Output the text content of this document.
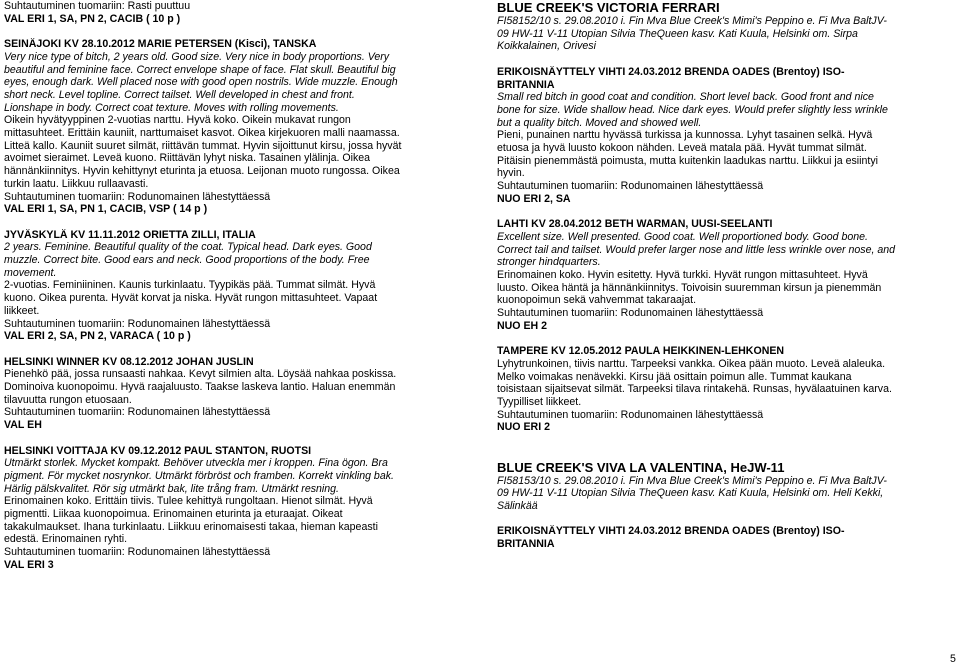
Suhtautuminen tuomariin: Rasti puuttuu
VAL ERI 1, SA, PN 2, CACIB ( 10 p )
SEINÄJOKI KV 28.10.2012 MARIE PETERSEN (Kisci), TANSKA
Very nice type of bitch, 2 years old. Good size. Very nice in body proportions. Very
beautiful and feminine face. Correct envelope shape of face. Flat skull. Beautiful big
eyes, enough dark. Well placed nose with good open nostrils. Wide muzzle. Enough
short neck. Level topline. Correct tailset. Well developed in chest and front.
Lionshape in body. Correct coat texture. Moves with rolling movements.
Oikein hyvätyyppinen 2-vuotias narttu. Hyvä koko. Oikein mukavat rungon
mittasuhteet. Erittäin kauniit, narttumaiset kasvot. Oikea kirjekuoren malli naamassa.
Litteä kallo. Kauniit suuret silmät, riittävän tummat. Hyvin sijoittunut kirsu, jossa hyvät
avoimet sieraimet. Leveä kuono. Riittävän lyhyt niska. Tasainen ylälinja. Oikea
hännänkiinnitys. Hyvin kehittynyt eturinta ja etuosa. Leijonan muoto rungossa. Oikea
turkin laatu. Liikkuu rullaavasti.
Suhtautuminen tuomariin: Rodunomainen lähestyttäessä
VAL ERI 1, SA, PN 1, CACIB, VSP ( 14 p )
JYVÄSKYLÄ KV 11.11.2012 ORIETTA ZILLI, ITALIA
2 years. Feminine. Beautiful quality of the coat. Typical head. Dark eyes. Good
muzzle. Correct bite. Good ears and neck. Good proportions of the body. Free
movement.
2-vuotias. Feminiininen. Kaunis turkinlaatu. Tyypikäs pää. Tummat silmät. Hyvä
kuono. Oikea purenta. Hyvät korvat ja niska. Hyvät rungon mittasuhteet. Vapaat
liikkeet.
Suhtautuminen tuomariin: Rodunomainen lähestyttäessä
VAL ERI 2, SA, PN 2, VARACA ( 10 p )
HELSINKI WINNER KV 08.12.2012 JOHAN JUSLIN
Pienehkö pää, jossa runsaasti nahkaa. Kevyt silmien alta. Löysää nahkaa poskissa.
Dominoiva kuonopoimu. Hyvä raajaluusto. Taakse laskeva lantio. Haluan enemmän
tilavuutta rungon etuosaan.
Suhtautuminen tuomariin: Rodunomainen lähestyttäessä
VAL EH
HELSINKI VOITTAJA KV 09.12.2012 PAUL STANTON, RUOTSI
Utmärkt storlek. Mycket kompakt. Behöver utveckla mer i kroppen. Fina ögon. Bra
pigment. För mycket nosrynkor. Utmärkt förbröst och framben. Korrekt vinkling bak.
Härlig pälskvalitet. Rör sig utmärkt bak, lite trång fram. Utmärkt resning.
Erinomainen koko. Erittäin tiivis. Tulee kehittyä rungoltaan. Hienot silmät. Hyvä
pigmentti. Liikaa kuonopoimua. Erinomainen eturinta ja eturaajat. Oikeat
takakulmaukset. Ihana turkinlaatu. Liikkuu erinomaisesti takaa, hieman kapeasti
edestä. Erinomainen ryhti.
Suhtautuminen tuomariin: Rodunomainen lähestyttäessä
VAL ERI 3
BLUE CREEK'S VICTORIA FERRARI
FI58152/10 s. 29.08.2010 i. Fin Mva Blue Creek's Mimi's Peppino e. Fi Mva BaltJV-
09 HW-11 V-11 Utopian Silvia TheQueen kasv. Kati Kuula, Helsinki om. Sirpa
Koikkalainen, Orivesi
ERIKOISNÄYTTELY VIHTI 24.03.2012 BRENDA OADES (Brentoy) ISO-
BRITANNIA
Small red bitch in good coat and condition. Short level back. Good front and nice
bone for size. Wide shallow head. Nice dark eyes. Would prefer slightly less wrinkle
but a quality bitch. Moved and showed well.
Pieni, punainen narttu hyvässä turkissa ja kunnossa. Lyhyt tasainen selkä. Hyvä
etuosa ja hyvä luusto kokoon nähden. Leveä matala pää. Hyvät tummat silmät.
Pitäisin pienemmästä poimusta, mutta kuitenkin laadukas narttu. Liikkui ja esiintyi
hyvin.
Suhtautuminen tuomariin: Rodunomainen lähestyttäessä
NUO ERI 2, SA
LAHTI KV 28.04.2012 BETH WARMAN, UUSI-SEELANTI
Excellent size. Well presented. Good coat. Well proportioned body. Good bone.
Correct tail and tailset. Would prefer larger nose and little less wrinkle over nose, and
stronger hindquarters.
Erinomainen koko. Hyvin esitetty. Hyvä turkki. Hyvät rungon mittasuhteet. Hyvä
luusto. Oikea häntä ja hännänkiinnitys. Toivoisin suuremman kirsun ja pienemmän
kuonopoimun sekä vahvemmat takaraajat.
Suhtautuminen tuomariin: Rodunomainen lähestyttäessä
NUO EH 2
TAMPERE KV 12.05.2012 PAULA HEIKKINEN-LEHKONEN
Lyhytrunkoinen, tiivis narttu. Tarpeeksi vankka. Oikea pään muoto. Leveä alaleuka.
Melko voimakas nenävekki. Kirsu jää osittain poimun alle. Tummat kaukana
toisistaan sijaitsevat silmät. Tarpeeksi tilava rintakehä. Runsas, hyvälaatuinen karva.
Tyypilliset liikkeet.
Suhtautuminen tuomariin: Rodunomainen lähestyttäessä
NUO ERI 2
BLUE CREEK'S VIVA LA VALENTINA, HeJW-11
FI58153/10 s. 29.08.2010 i. Fin Mva Blue Creek's Mimi's Peppino e. Fi Mva BaltJV-
09 HW-11 V-11 Utopian Silvia TheQueen kasv. Kati Kuula, Helsinki om. Heli Kekki,
Sälinkää
ERIKOISNÄYTTELY VIHTI 24.03.2012 BRENDA OADES (Brentoy) ISO-
BRITANNIA
5
